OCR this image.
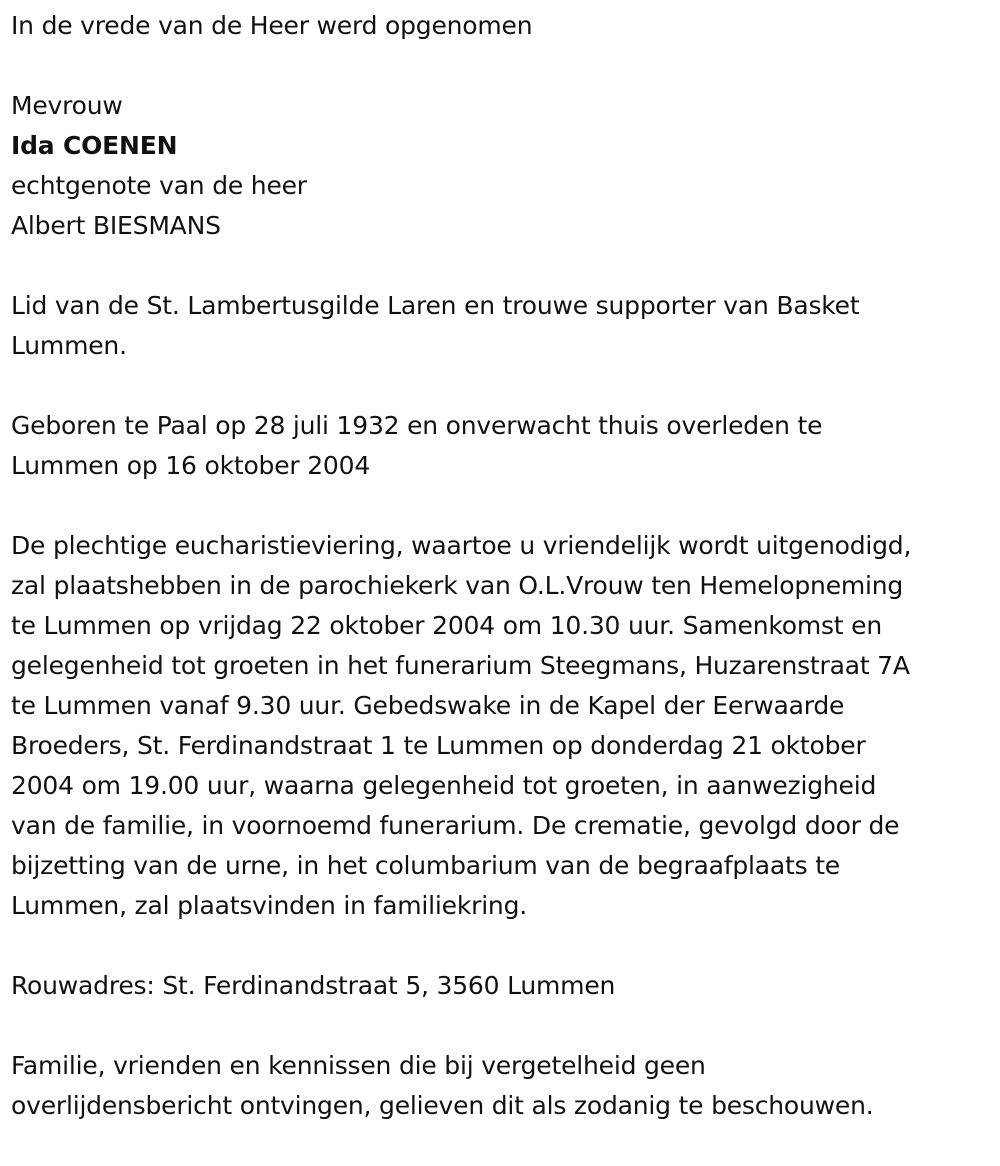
In de vrede van de Heer werd opgenomen
Mevrouw
Ida COENEN
echtgenote van de heer
Albert BIESMANS
Lid van de St. Lambertusgilde Laren en trouwe supporter van Basket
Lummen.
Geboren te Paal op 28 juli 1932 en onverwacht thuis overleden te
Lummen op 16 oktober 2004
De plechtige eucharistieviering, waartoe u vriendelijk wordt uitgenodigd,
zal plaatshebben in de parochiekerk van O.L.Vrouw ten Hemelopneming
te Lummen op vrijdag 22 oktober 2004 om 10.30 uur. Samenkomst en
gelegenheid tot groeten in het funerarium Steegmans, Huzarenstraat 7A
te Lummen vanaf 9.30 uur. Gebedswake in de Kapel der Eerwaarde
Broeders, St. Ferdinandstraat 1 te Lummen op donderdag 21 oktober
2004 om 19.00 uur, waarna gelegenheid tot groeten, in aanwezigheid
van de familie, in voornoemd funerarium. De crematie, gevolgd door de
bijzetting van de urne, in het columbarium van de begraafplaats te
Lummen, zal plaatsvinden in familiekring.
Rouwadres: St. Ferdinandstraat 5, 3560 Lummen
Familie, vrienden en kennissen die bij vergetelheid geen
overlijdensbericht ontvingen, gelieven dit als zodanig te beschouwen.
